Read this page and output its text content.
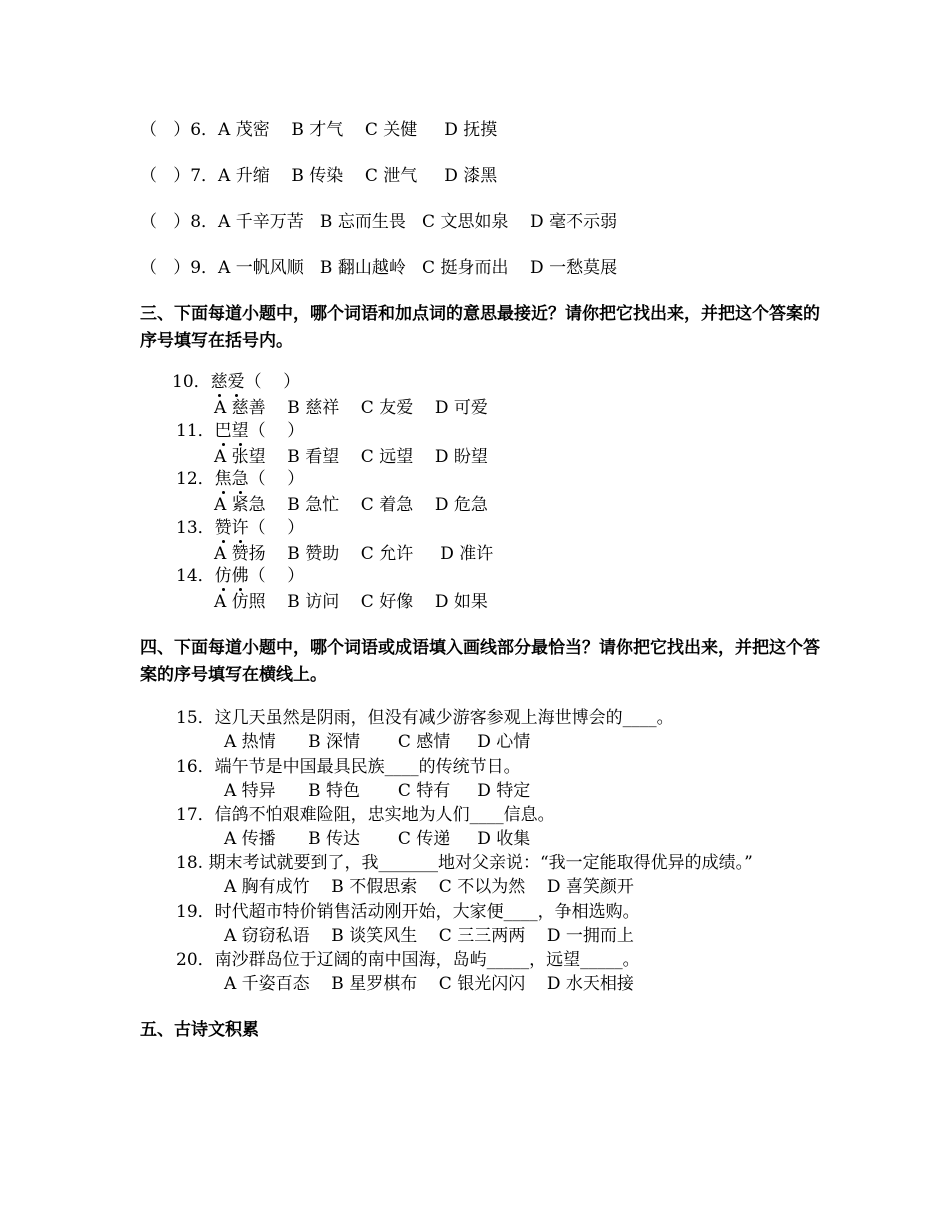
（   ）6．A 茂密    B 才气    C 关健     D 抚摸
（   ）7．A 升缩    B 传染    C 泄气     D 漆黑
（   ）8．A 千辛万苦   B 忘而生畏   C 文思如泉    D 毫不示弱
（   ）9．A 一帆风顺   B 翻山越岭   C 挺身而出    D 一愁莫展
三、下面每道小题中，哪个词语和加点词的意思最接近？请你把它找出来，并把这个答案的序号填写在括号内。
10．慈爱（    ）
A 慈善    B 慈祥    C 友爱    D 可爱
11．巴望（    ）
A 张望    B 看望    C 远望    D 盼望
12．焦急（    ）
A 紧急    B 急忙    C 着急    D 危急
13．赞许（    ）
A 赞扬    B 赞助    C 允许     D 准许
14．仿佛（    ）
A 仿照    B 访问    C 好像    D 如果
四、下面每道小题中，哪个词语或成语填入画线部分最恰当？请你把它找出来，并把这个答案的序号填写在横线上。
15．这几天虽然是阴雨，但没有减少游客参观上海世博会的____。
A 热情      B 深情       C 感情     D 心情
16．端午节是中国最具民族____的传统节日。
A 特异      B 特色       C 特有     D 特定
17．信鸽不怕艰难险阻，忠实地为人们____信息。
A 传播      B 传达       C 传递     D 收集
18. 期末考试就要到了，我_______地对父亲说：“我一定能取得优异的成绩。”
A 胸有成竹    B 不假思索    C 不以为然    D 喜笑颜开
19．时代超市特价销售活动刚开始，大家便____，争相选购。
A 窃窃私语    B 谈笑风生    C 三三两两    D 一拥而上
20．南沙群岛位于辽阔的南中国海，岛屿_____，远望_____。
A 千姿百态    B 星罗棋布    C 银光闪闪    D 水天相接
五、古诗文积累
